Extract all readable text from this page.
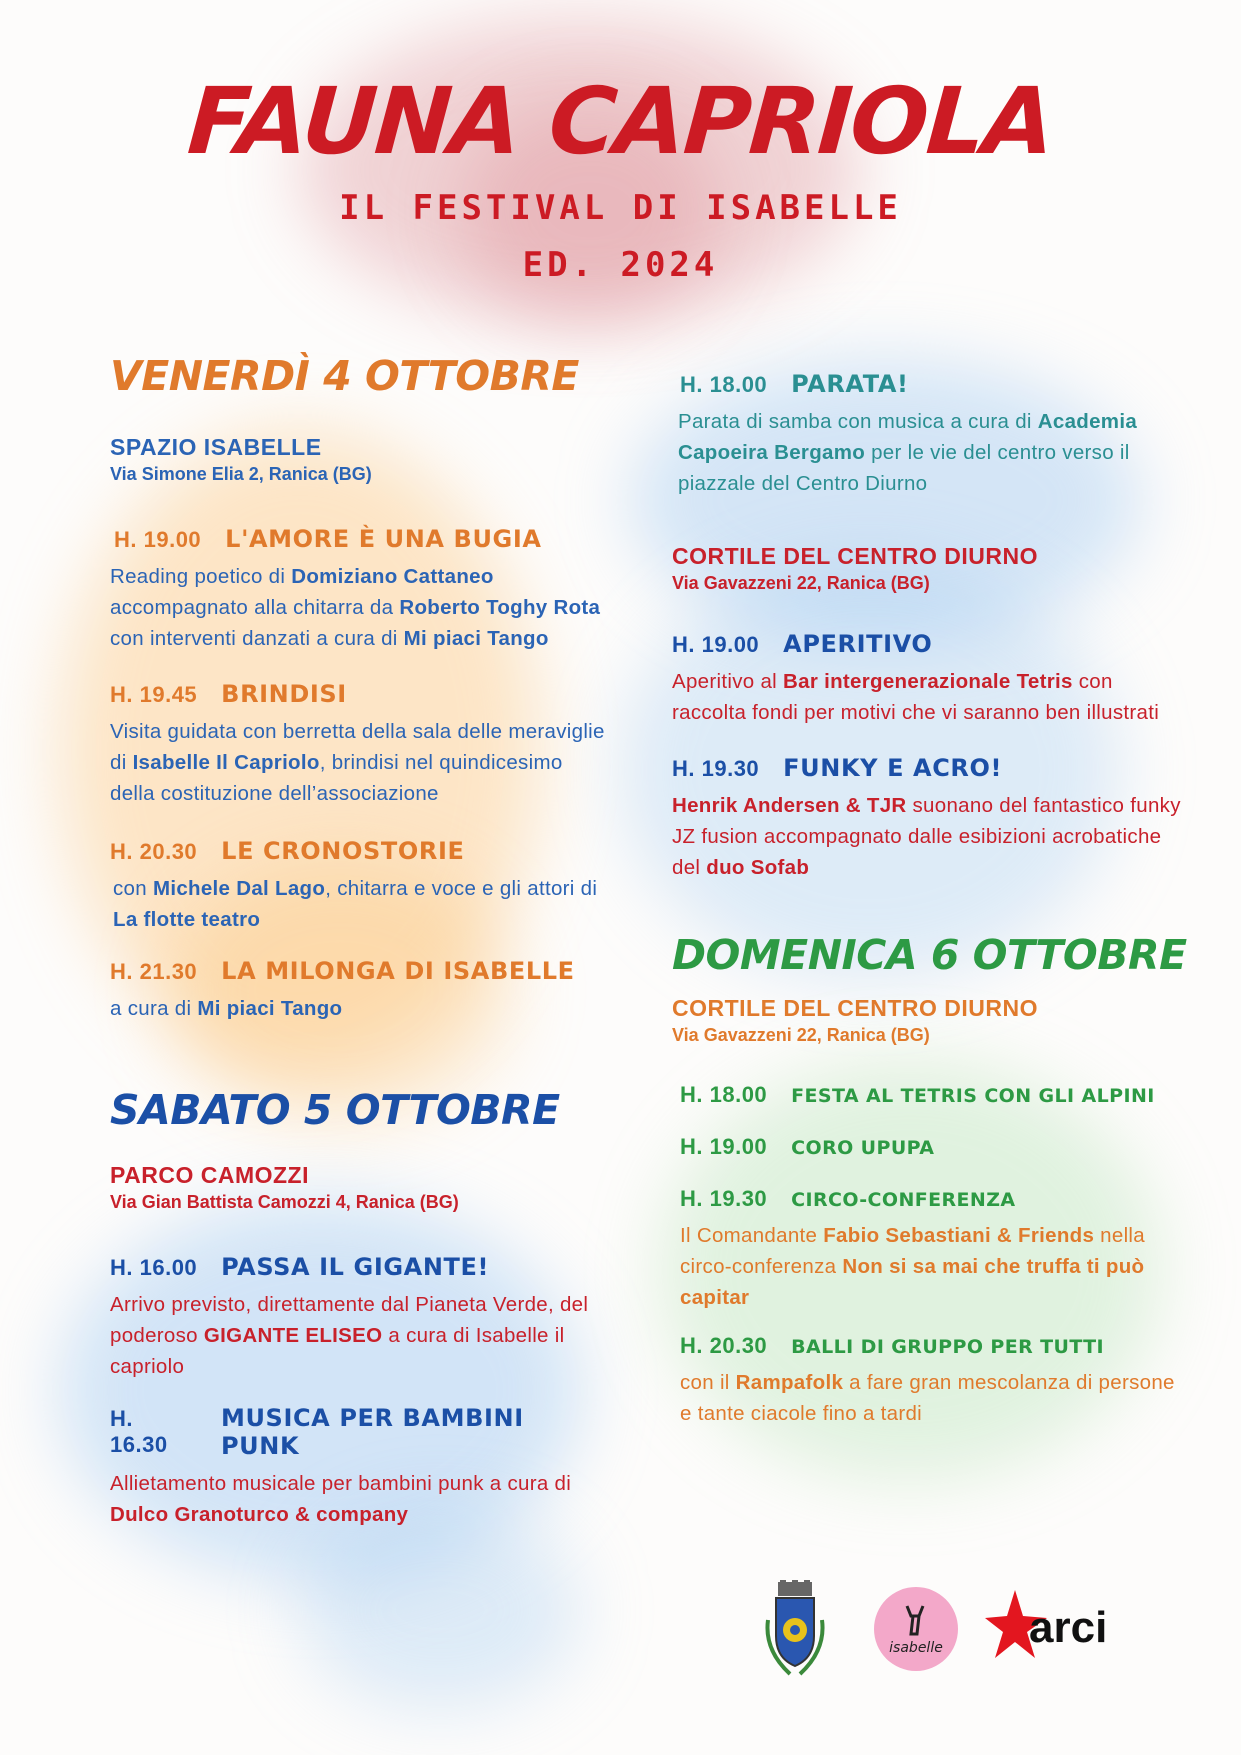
FAUNA CAPRIOLA
IL FESTIVAL DI ISABELLE
ED. 2024
VENERDÌ 4 OTTOBRE

SPAZIO ISABELLE

Via Simone Elia 2, Ranica (BG)

H. 19.00 L'AMORE È UNA BUGIA

Reading poetico di Domiziano Cattaneo accompagnato alla chitarra da Roberto Toghy Rota con interventi danzati a cura di Mi piaci Tango

H. 19.45 BRINDISI

Visita guidata con berretta della sala delle meraviglie di Isabelle Il Capriolo, brindisi nel quindicesimo della costituzione dell’associazione

H. 20.30 LE CRONOSTORIE

con Michele Dal Lago, chitarra e voce e gli attori di La flotte teatro

H. 21.30 LA MILONGA DI ISABELLE

a cura di Mi piaci Tango

SABATO 5 OTTOBRE

PARCO CAMOZZI

Via Gian Battista Camozzi 4, Ranica (BG)

H. 16.00 PASSA IL GIGANTE!

Arrivo previsto, direttamente dal Pianeta Verde, del poderoso GIGANTE ELISEO a cura di Isabelle il capriolo

H. 16.30
MUSICA PER BAMBINI PUNK

Allietamento musicale per bambini punk a cura di Dulco Granoturco & company

H. 18.00 PARATA!

Parata di samba con musica a cura di Academia Capoeira Bergamo per le vie del centro verso il piazzale del Centro Diurno

CORTILE DEL CENTRO DIURNO

Via Gavazzeni 22, Ranica (BG)

H. 19.00 APERITIVO

Aperitivo al Bar intergenerazionale Tetris con raccolta fondi per motivi che vi saranno ben illustrati

H. 19.30 FUNKY E ACRO!

Henrik Andersen & TJR suonano del fantastico funky JZ fusion accompagnato dalle esibizioni acrobatiche del duo Sofab

DOMENICA 6 OTTOBRE

CORTILE DEL CENTRO DIURNO

Via Gavazzeni 22, Ranica (BG)

H. 18.00 FESTA AL TETRIS CON GLI ALPINI
H. 19.00 CORO UPUPA
H. 19.30 CIRCO-CONFERENZA

Il Comandante Fabio Sebastiani & Friends nella circo-conferenza Non si sa mai che truffa ti può capitar

H. 20.30 BALLI DI GRUPPO PER TUTTI

con il Rampafolk a fare gran mescolanza di persone e tante ciacole fino a tardi

isabelle arci
